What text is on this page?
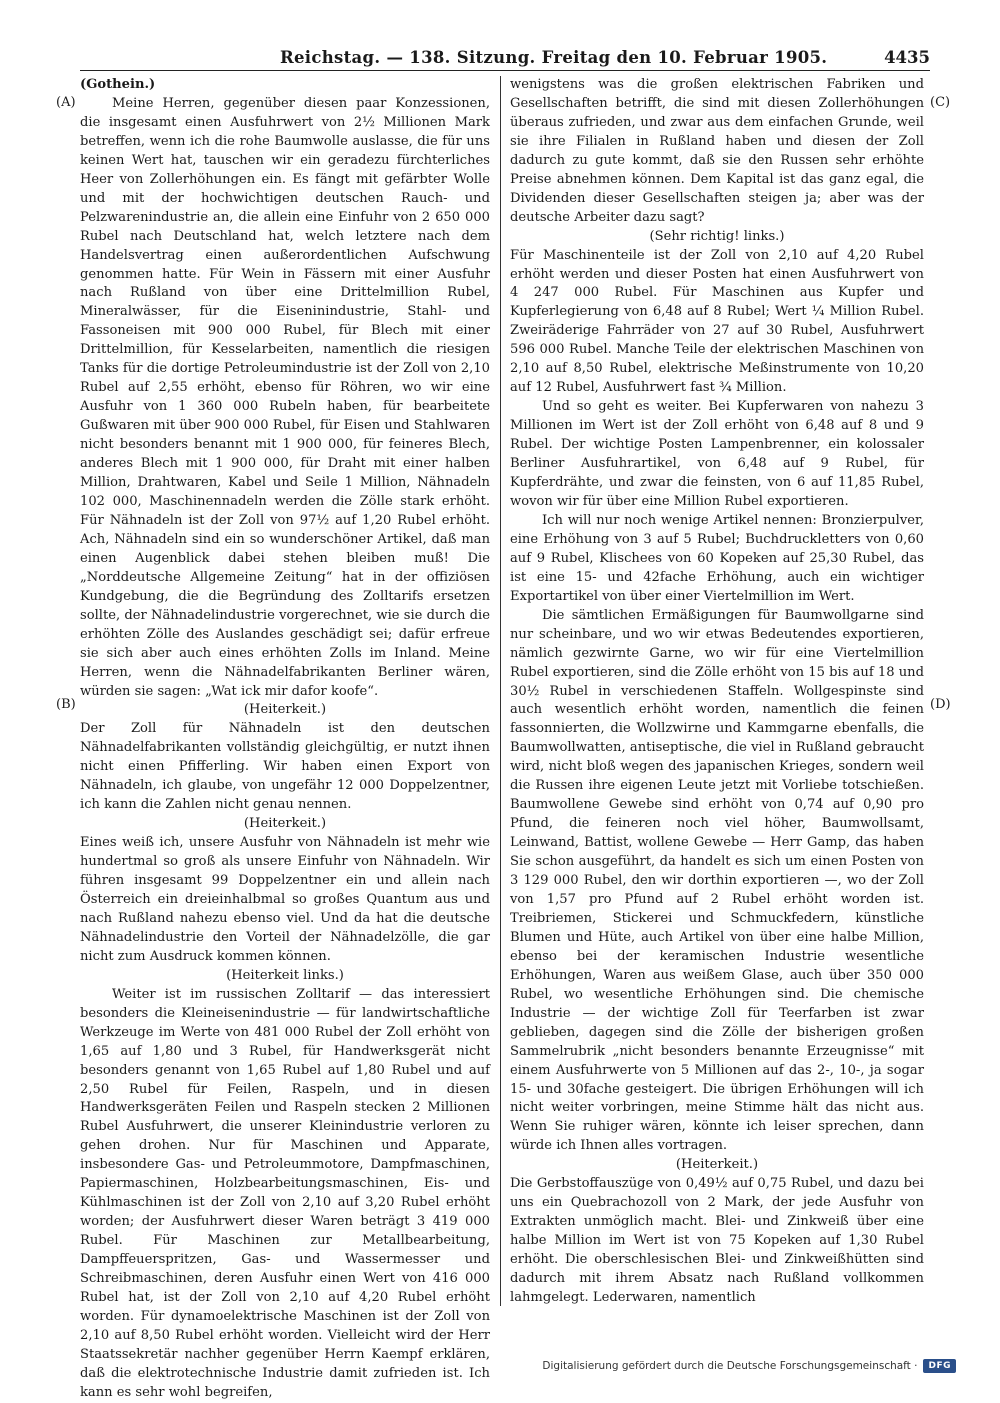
Reichstag. — 138. Sitzung. Freitag den 10. Februar 1905.	4435
(A)
(B)
(C)
(D)

(Gothein.)

Meine Herren, gegenüber diesen paar Konzessionen, die insgesamt einen Ausfuhrwert von 2½ Millionen Mark betreffen, wenn ich die rohe Baumwolle auslasse, die für uns keinen Wert hat, tauschen wir ein geradezu fürchterliches Heer von Zollerhöhungen ein. Es fängt mit gefärbter Wolle und mit der hochwichtigen deutschen Rauch- und Pelzwarenindustrie an, die allein eine Einfuhr von 2 650 000 Rubel nach Deutschland hat, welch letztere nach dem Handelsvertrag einen außerordentlichen Aufschwung genommen hatte. Für Wein in Fässern mit einer Ausfuhr nach Rußland von über eine Drittelmillion Rubel, Mineralwässer, für die Eiseninindustrie, Stahl- und Fassoneisen mit 900 000 Rubel, für Blech mit einer Drittelmillion, für Kesselarbeiten, namentlich die riesigen Tanks für die dortige Petroleumindustrie ist der Zoll von 2,10 Rubel auf 2,55 erhöht, ebenso für Röhren, wo wir eine Ausfuhr von 1 360 000 Rubeln haben, für bearbeitete Gußwaren mit über 900 000 Rubel, für Eisen und Stahlwaren nicht besonders benannt mit 1 900 000, für feineres Blech, anderes Blech mit 1 900 000, für Draht mit einer halben Million, Drahtwaren, Kabel und Seile 1 Million, Nähnadeln 102 000, Maschinennadeln werden die Zölle stark erhöht. Für Nähnadeln ist der Zoll von 97½ auf 1,20 Rubel erhöht. Ach, Nähnadeln sind ein so wunderschöner Artikel, daß man einen Augenblick dabei stehen bleiben muß! Die „Norddeutsche Allgemeine Zeitung“ hat in der offiziösen Kundgebung, die die Begründung des Zolltarifs ersetzen sollte, der Nähnadelindustrie vorgerechnet, wie sie durch die erhöhten Zölle des Auslandes geschädigt sei; dafür erfreue sie sich aber auch eines erhöhten Zolls im Inland. Meine Herren, wenn die Nähnadelfabrikanten Berliner wären, würden sie sagen: „Wat ick mir dafor koofe“.

(Heiterkeit.)

Der Zoll für Nähnadeln ist den deutschen Nähnadelfabrikanten vollständig gleichgültig, er nutzt ihnen nicht einen Pfifferling. Wir haben einen Export von Nähnadeln, ich glaube, von ungefähr 12 000 Doppelzentner, ich kann die Zahlen nicht genau nennen.

(Heiterkeit.)

Eines weiß ich, unsere Ausfuhr von Nähnadeln ist mehr wie hundertmal so groß als unsere Einfuhr von Nähnadeln. Wir führen insgesamt 99 Doppelzentner ein und allein nach Österreich ein dreieinhalbmal so großes Quantum aus und nach Rußland nahezu ebenso viel. Und da hat die deutsche Nähnadelindustrie den Vorteil der Nähnadelzölle, die gar nicht zum Ausdruck kommen können.

(Heiterkeit links.)

Weiter ist im russischen Zolltarif — das interessiert besonders die Kleineisenindustrie — für landwirtschaftliche Werkzeuge im Werte von 481 000 Rubel der Zoll erhöht von 1,65 auf 1,80 und 3 Rubel, für Handwerksgerät nicht besonders genannt von 1,65 Rubel auf 1,80 Rubel und auf 2,50 Rubel für Feilen, Raspeln, und in diesen Handwerksgeräten Feilen und Raspeln stecken 2 Millionen Rubel Ausfuhrwert, die unserer Kleinindustrie verloren zu gehen drohen. Nur für Maschinen und Apparate, insbesondere Gas- und Petroleummotore, Dampfmaschinen, Papiermaschinen, Holzbearbeitungsmaschinen, Eis- und Kühlmaschinen ist der Zoll von 2,10 auf 3,20 Rubel erhöht worden; der Ausfuhrwert dieser Waren beträgt 3 419 000 Rubel. Für Maschinen zur Metallbearbeitung, Dampffeuerspritzen, Gas- und Wassermesser und Schreibmaschinen, deren Ausfuhr einen Wert von 416 000 Rubel hat, ist der Zoll von 2,10 auf 4,20 Rubel erhöht worden. Für dynamoelektrische Maschinen ist der Zoll von 2,10 auf 8,50 Rubel erhöht worden. Vielleicht wird der Herr Staatssekretär nachher gegenüber Herrn Kaempf erklären, daß die elektrotechnische Industrie damit zufrieden ist. Ich kann es sehr wohl begreifen,

wenigstens was die großen elektrischen Fabriken und Gesellschaften betrifft, die sind mit diesen Zollerhöhungen überaus zufrieden, und zwar aus dem einfachen Grunde, weil sie ihre Filialen in Rußland haben und diesen der Zoll dadurch zu gute kommt, daß sie den Russen sehr erhöhte Preise abnehmen können. Dem Kapital ist das ganz egal, die Dividenden dieser Gesellschaften steigen ja; aber was der deutsche Arbeiter dazu sagt?

(Sehr richtig! links.)

Für Maschinenteile ist der Zoll von 2,10 auf 4,20 Rubel erhöht werden und dieser Posten hat einen Ausfuhrwert von 4 247 000 Rubel. Für Maschinen aus Kupfer und Kupferlegierung von 6,48 auf 8 Rubel; Wert ¼ Million Rubel. Zweiräderige Fahrräder von 27 auf 30 Rubel, Ausfuhrwert 596 000 Rubel. Manche Teile der elektrischen Maschinen von 2,10 auf 8,50 Rubel, elektrische Meßinstrumente von 10,20 auf 12 Rubel, Ausfuhrwert fast ¾ Million.

Und so geht es weiter. Bei Kupferwaren von nahezu 3 Millionen im Wert ist der Zoll erhöht von 6,48 auf 8 und 9 Rubel. Der wichtige Posten Lampenbrenner, ein kolossaler Berliner Ausfuhrartikel, von 6,48 auf 9 Rubel, für Kupferdrähte, und zwar die feinsten, von 6 auf 11,85 Rubel, wovon wir für über eine Million Rubel exportieren.

Ich will nur noch wenige Artikel nennen: Bronzierpulver, eine Erhöhung von 3 auf 5 Rubel; Buchdruckletters von 0,60 auf 9 Rubel, Klischees von 60 Kopeken auf 25,30 Rubel, das ist eine 15- und 42fache Erhöhung, auch ein wichtiger Exportartikel von über einer Viertelmillion im Wert.

Die sämtlichen Ermäßigungen für Baumwollgarne sind nur scheinbare, und wo wir etwas Bedeutendes exportieren, nämlich gezwirnte Garne, wo wir für eine Viertelmillion Rubel exportieren, sind die Zölle erhöht von 15 bis auf 18 und 30½ Rubel in verschiedenen Staffeln. Wollgespinste sind auch wesentlich erhöht worden, namentlich die feinen fassonnierten, die Wollzwirne und Kammgarne ebenfalls, die Baumwollwatten, antiseptische, die viel in Rußland gebraucht wird, nicht bloß wegen des japanischen Krieges, sondern weil die Russen ihre eigenen Leute jetzt mit Vorliebe totschießen. Baumwollene Gewebe sind erhöht von 0,74 auf 0,90 pro Pfund, die feineren noch viel höher, Baumwollsamt, Leinwand, Battist, wollene Gewebe — Herr Gamp, das haben Sie schon ausgeführt, da handelt es sich um einen Posten von 3 129 000 Rubel, den wir dorthin exportieren —, wo der Zoll von 1,57 pro Pfund auf 2 Rubel erhöht worden ist. Treibriemen, Stickerei und Schmuckfedern, künstliche Blumen und Hüte, auch Artikel von über eine halbe Million, ebenso bei der keramischen Industrie wesentliche Erhöhungen, Waren aus weißem Glase, auch über 350 000 Rubel, wo wesentliche Erhöhungen sind. Die chemische Industrie — der wichtige Zoll für Teerfarben ist zwar geblieben, dagegen sind die Zölle der bisherigen großen Sammelrubrik „nicht besonders benannte Erzeugnisse“ mit einem Ausfuhrwerte von 5 Millionen auf das 2-, 10-, ja sogar 15- und 30fache gesteigert. Die übrigen Erhöhungen will ich nicht weiter vorbringen, meine Stimme hält das nicht aus. Wenn Sie ruhiger wären, könnte ich leiser sprechen, dann würde ich Ihnen alles vortragen.

(Heiterkeit.)

Die Gerbstoffauszüge von 0,49½ auf 0,75 Rubel, und dazu bei uns ein Quebrachozoll von 2 Mark, der jede Ausfuhr von Extrakten unmöglich macht. Blei- und Zinkweiß über eine halbe Million im Wert ist von 75 Kopeken auf 1,30 Rubel erhöht. Die oberschlesischen Blei- und Zinkweißhütten sind dadurch mit ihrem Absatz nach Rußland vollkommen lahmgelegt. Lederwaren, namentlich

Digitalisierung gefördert durch die Deutsche Forschungsgemeinschaft ·	DFG
